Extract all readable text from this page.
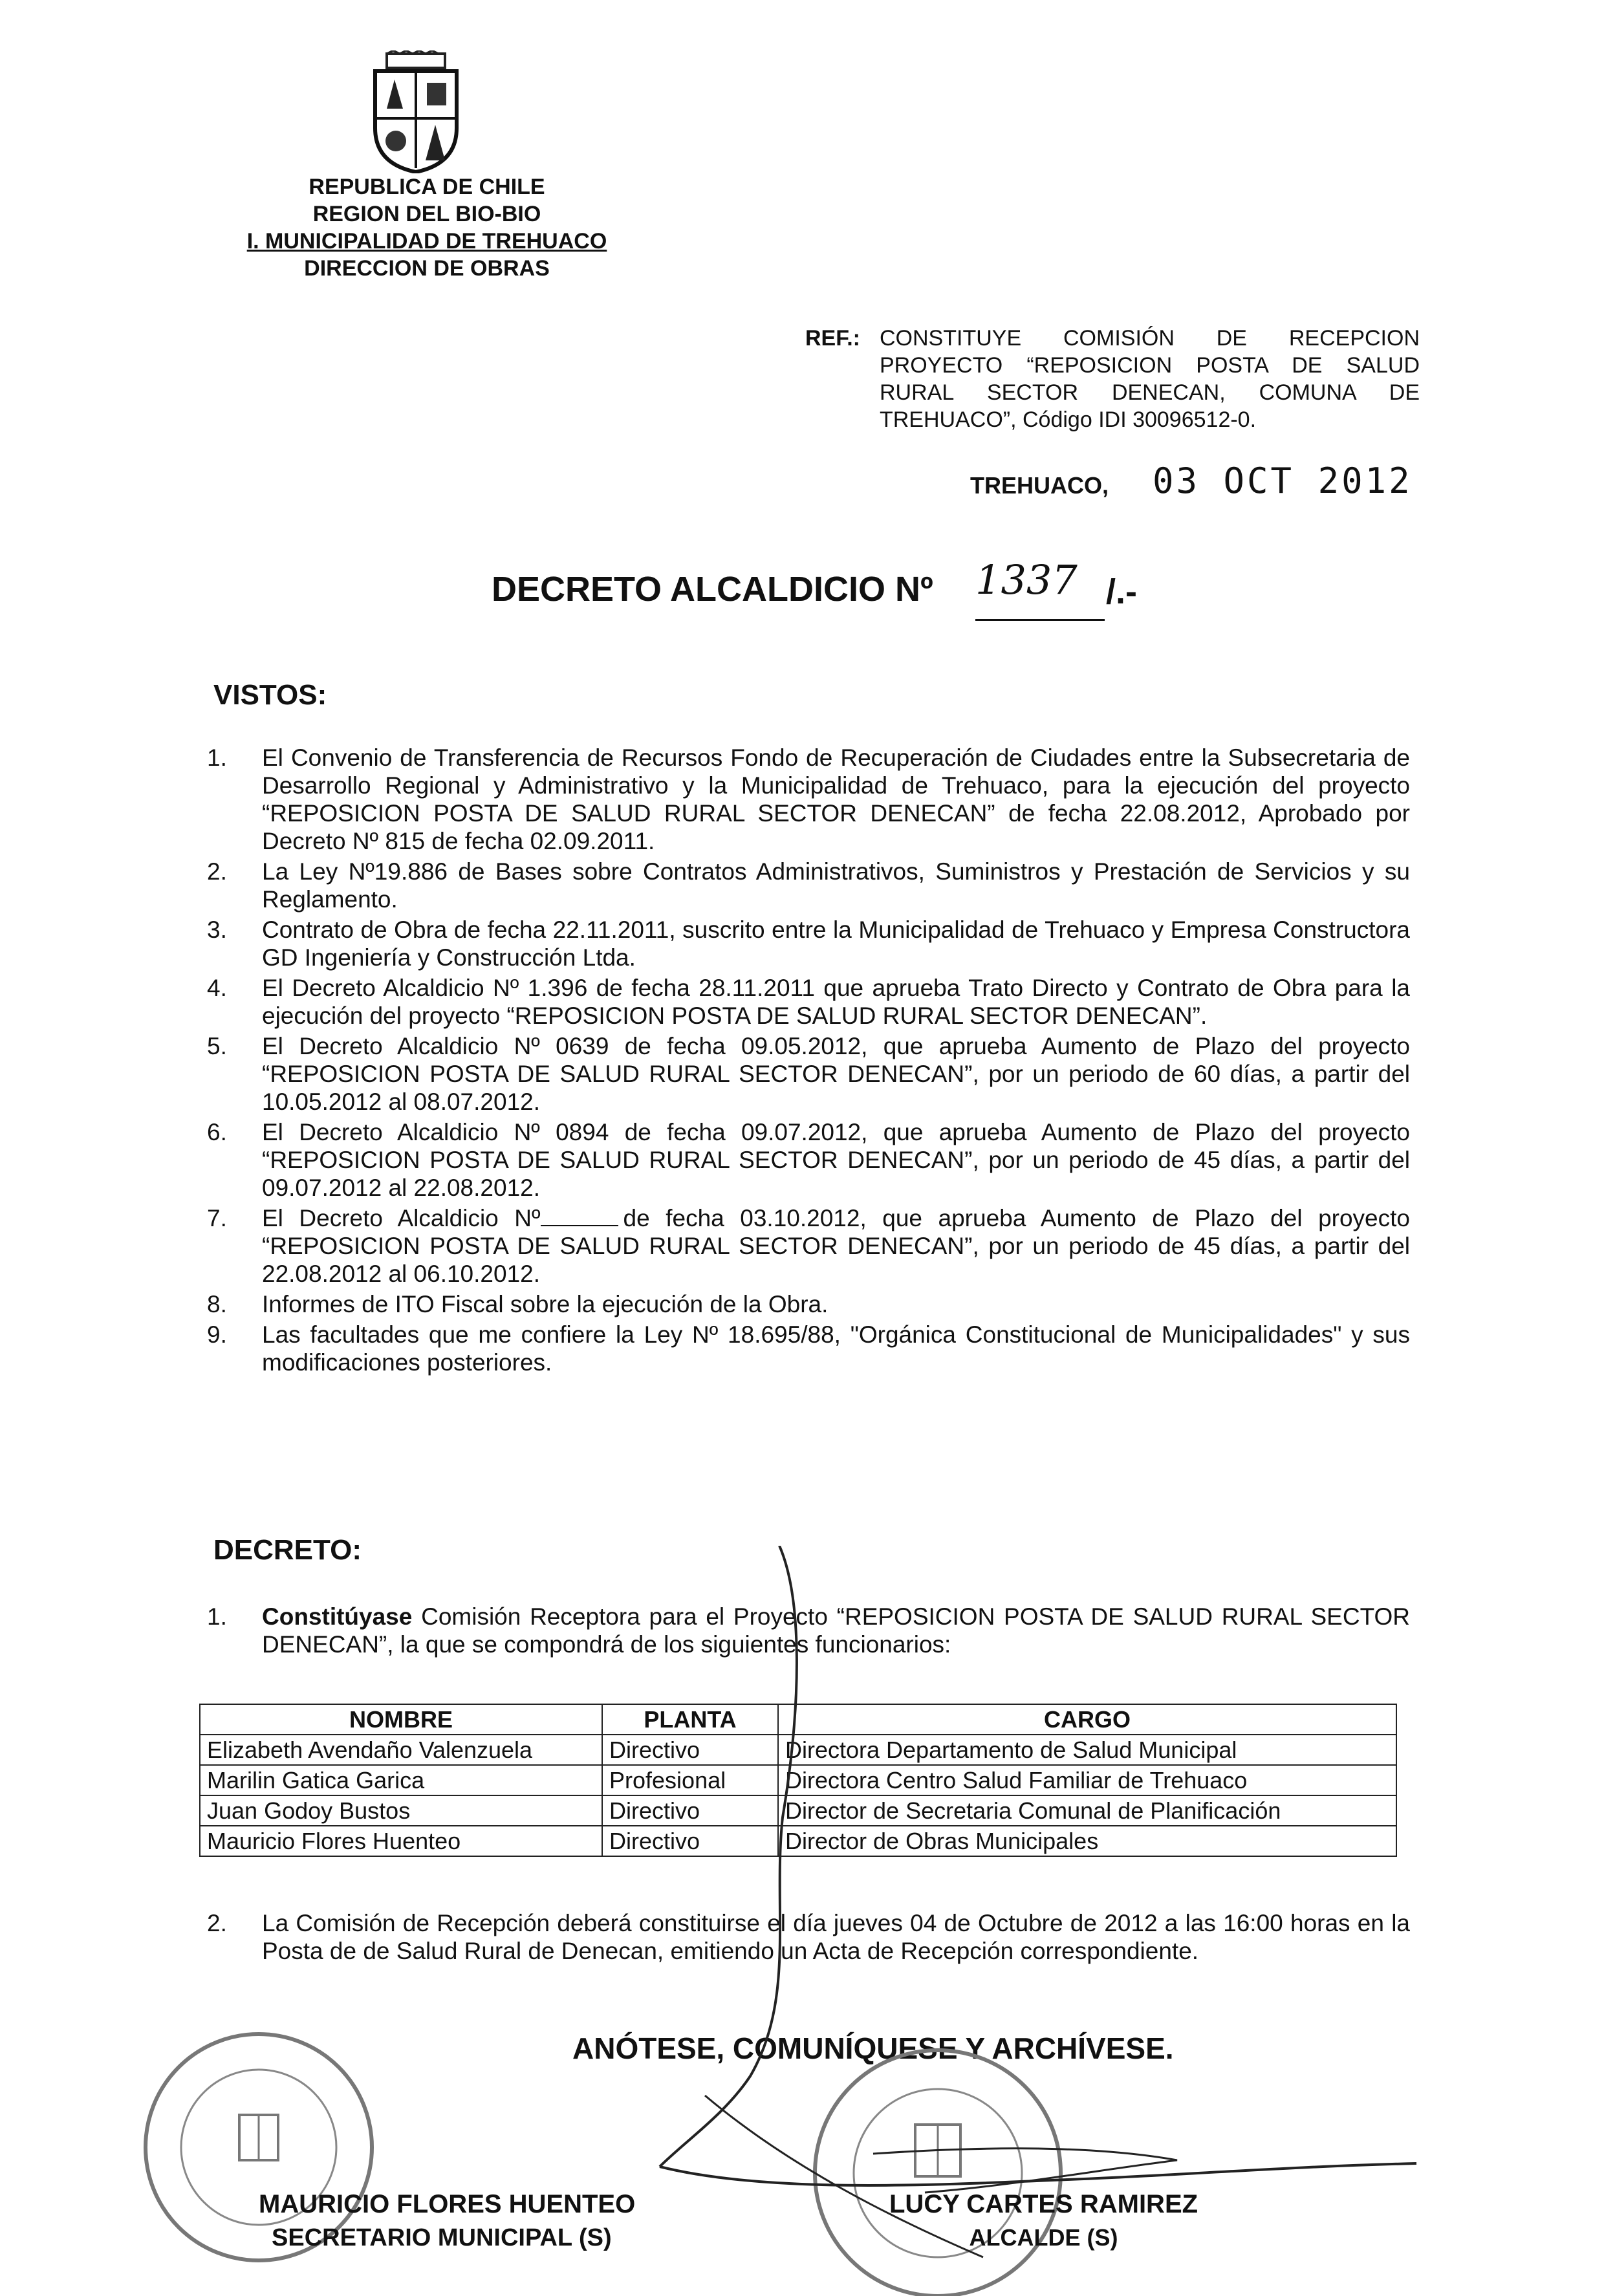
REPUBLICA DE CHILE
REGION DEL BIO-BIO
I. MUNICIPALIDAD DE TREHUACO
DIRECCION DE OBRAS
REF.: CONSTITUYE COMISIÓN DE RECEPCION PROYECTO “REPOSICION POSTA DE SALUD RURAL SECTOR DENECAN, COMUNA DE TREHUACO”, Código IDI 30096512-0.
TREHUACO, 03 OCT 2012
DECRETO ALCALDICIO Nº 1337 /.-
VISTOS:
1. El Convenio de Transferencia de Recursos Fondo de Recuperación de Ciudades entre la Subsecretaria de Desarrollo Regional y Administrativo y la Municipalidad de Trehuaco, para la ejecución del proyecto “REPOSICION POSTA DE SALUD RURAL SECTOR DENECAN” de fecha 22.08.2012, Aprobado por Decreto Nº 815 de fecha 02.09.2011.
2. La Ley Nº19.886 de Bases sobre Contratos Administrativos, Suministros y Prestación de Servicios y su Reglamento.
3. Contrato de Obra de fecha 22.11.2011, suscrito entre la Municipalidad de Trehuaco y Empresa Constructora GD Ingeniería y Construcción Ltda.
4. El Decreto Alcaldicio Nº 1.396 de fecha 28.11.2011 que aprueba Trato Directo y Contrato de Obra para la ejecución del proyecto “REPOSICION POSTA DE SALUD RURAL SECTOR DENECAN”.
5. El Decreto Alcaldicio Nº 0639 de fecha 09.05.2012, que aprueba Aumento de Plazo del proyecto “REPOSICION POSTA DE SALUD RURAL SECTOR DENECAN”, por un periodo de 60 días, a partir del 10.05.2012 al 08.07.2012.
6. El Decreto Alcaldicio Nº 0894 de fecha 09.07.2012, que aprueba Aumento de Plazo del proyecto “REPOSICION POSTA DE SALUD RURAL SECTOR DENECAN”, por un periodo de 45 días, a partir del 09.07.2012 al 22.08.2012.
7. El Decreto Alcaldicio Nº	de fecha 03.10.2012, que aprueba Aumento de Plazo del proyecto “REPOSICION POSTA DE SALUD RURAL SECTOR DENECAN”, por un periodo de 45 días, a partir del 22.08.2012 al 06.10.2012.
8. Informes de ITO Fiscal sobre la ejecución de la Obra.
9. Las facultades que me confiere la Ley Nº 18.695/88, "Orgánica Constitucional de Municipalidades" y sus modificaciones posteriores.
DECRETO:
1. Constitúyase Comisión Receptora para el Proyecto “REPOSICION POSTA DE SALUD RURAL SECTOR DENECAN”, la que se compondrá de los siguientes funcionarios:
NOMBRE	PLANTA	CARGO
Elizabeth Avendaño Valenzuela	Directivo	Directora Departamento de Salud Municipal
Marilin Gatica Garica	Profesional	Directora Centro Salud Familiar de Trehuaco
Juan Godoy Bustos	Directivo	Director de Secretaria Comunal de Planificación
Mauricio Flores Huenteo	Directivo	Director de Obras Municipales
2. La Comisión de Recepción deberá constituirse el día jueves 04 de Octubre de 2012 a las 16:00 horas en la Posta de de Salud Rural de Denecan, emitiendo un Acta de Recepción correspondiente.
ANÓTESE, COMUNÍQUESE Y ARCHÍVESE.
MAURICIO FLORES HUENTEO
SECRETARIO MUNICIPAL (S)
LUCY CARTES RAMIREZ
ALCALDE (S)
